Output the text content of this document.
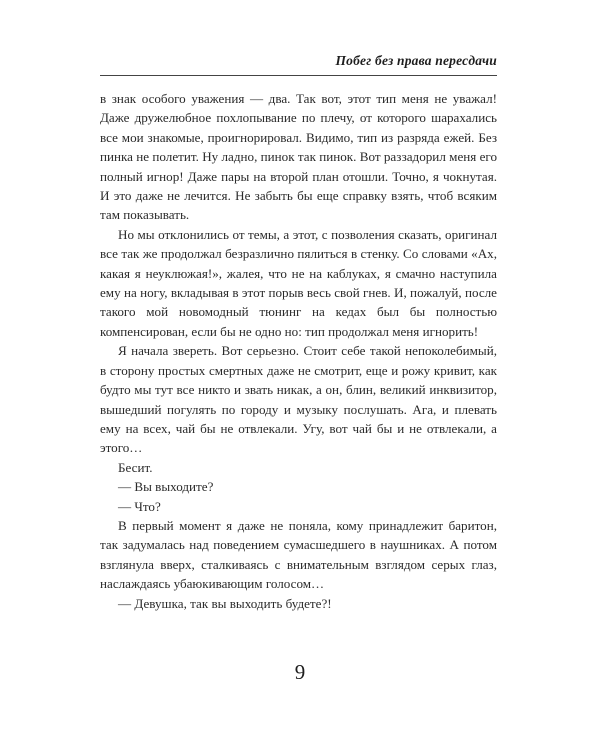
Побег без права пересдачи

в знак особого уважения — два. Так вот, этот тип меня не уважал! Даже дружелюбное похлопывание по плечу, от которого шарахались все мои знакомые, проигнорировал. Видимо, тип из разряда ежей. Без пинка не полетит. Ну ладно, пинок так пинок. Вот раззадорил меня его полный игнор! Даже пары на второй план отошли. Точно, я чокнутая. И это даже не лечится. Не забыть бы еще справку взять, чтоб всяким там показывать.

Но мы отклонились от темы, а этот, с позволения сказать, оригинал все так же продолжал безразлично пялиться в стенку. Со словами «Ах, какая я неуклюжая!», жалея, что не на каблуках, я смачно наступила ему на ногу, вкладывая в этот порыв весь свой гнев. И, пожалуй, после такого мой новомодный тюнинг на кедах был бы полностью компенсирован, если бы не одно но: тип продолжал меня игнорить!

Я начала звереть. Вот серьезно. Стоит себе такой непоколебимый, в сторону простых смертных даже не смотрит, еще и рожу кривит, как будто мы тут все никто и звать никак, а он, блин, великий инквизитор, вышедший погулять по городу и музыку послушать. Ага, и плевать ему на всех, чай бы не отвлекали. Угу, вот чай бы и не отвлекали, а этого…

Бесит.

— Вы выходите?

— Что?

В первый момент я даже не поняла, кому принадлежит баритон, так задумалась над поведением сумасшедшего в наушниках. А потом взглянула вверх, сталкиваясь с внимательным взглядом серых глаз, наслаждаясь убаюкивающим голосом…

— Девушка, так вы выходить будете?!

9
